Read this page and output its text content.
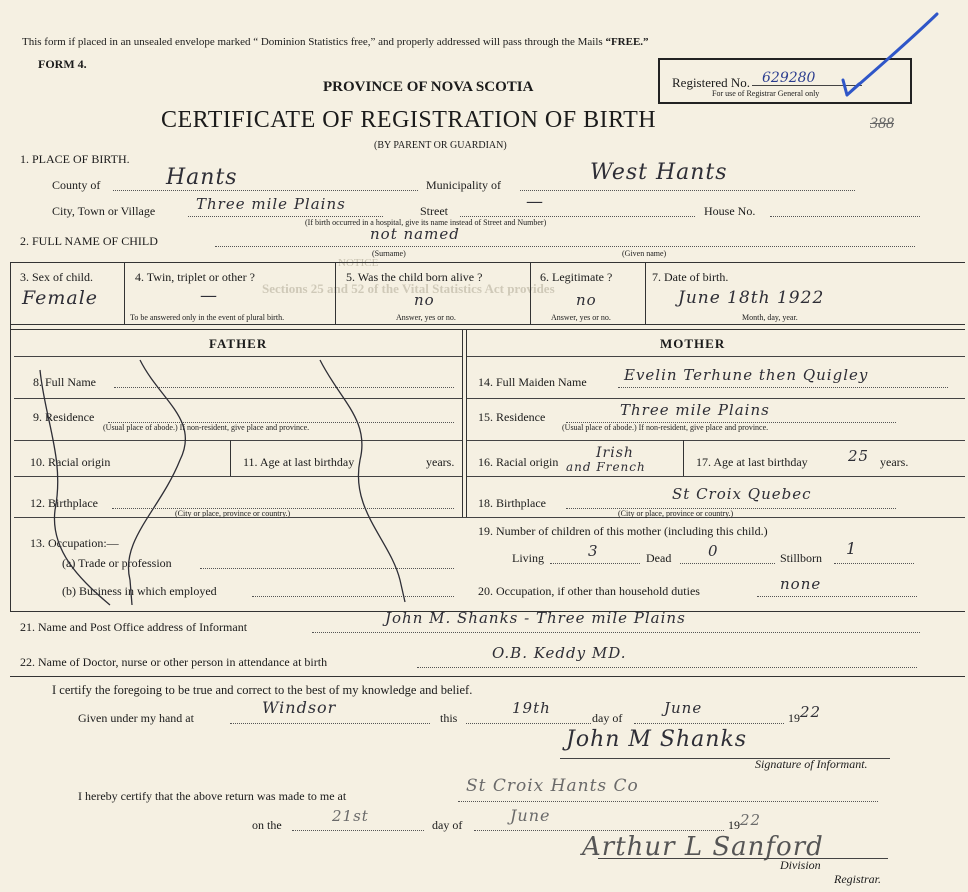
NOTICE
Sections 25 and 52 of the Vital Statistics Act provides
This form if placed in an unsealed envelope marked “ Dominion Statistics free,” and properly addressed will pass through the Mails “FREE.”
FORM 4.
PROVINCE OF NOVA SCOTIA
CERTIFICATE OF REGISTRATION OF BIRTH
(BY PARENT OR GUARDIAN)
Registered No. 629280
For use of Registrar General only
388
1. PLACE OF BIRTH.
County of	Hants	Municipality of	West Hants
City, Town or Village	Three mile Plains	Street	—	House No.
(If birth occurred in a hospital, give its name instead of Street and Number)
2. FULL NAME OF CHILD	not named
(Surname)	(Given name)
3. Sex of child.
Female
4. Twin, triplet or other ?
—
To be answered only in the event of plural birth.
5. Was the child born alive ?
no
Answer, yes or no.
6. Legitimate ?
no
Answer, yes or no.
7. Date of birth.
June 18th 1922
Month, day, year.
FATHER	MOTHER
8. Full Name
9. Residence
(Usual place of abode.) If non-resident, give place and province.
10. Racial origin	11. Age at last birthday	years.
12. Birthplace
(City or place, province or country.)
13. Occupation:—
(a) Trade or profession
(b) Business in which employed
14. Full Maiden Name Evelin Terhune then Quigley
15. Residence	Three mile Plains
(Usual place of abode.) If non-resident, give place and province.
16. Racial origin
Irish
and French	17. Age at last birthday	25 years.
18. Birthplace	St Croix Quebec
(City or place, province or country.)
19. Number of children of this mother (including this child.)
Living	3	Dead 0	Stillborn 1
20. Occupation, if other than household duties	none
21. Name and Post Office address of Informant	John M. Shanks - Three mile Plains
22. Name of Doctor, nurse or other person in attendance at birth	O.B. Keddy MD.
I certify the foregoing to be true and correct to the best of my knowledge and belief.
Given under my hand at
Windsor
this
19th
day of
June
19 22
John M Shanks
Signature of Informant.
I hereby certify that the above return was made to me at	St Croix Hants Co
on the	21st	day of	June	19 22
Arthur L Sanford
Division
Registrar.
